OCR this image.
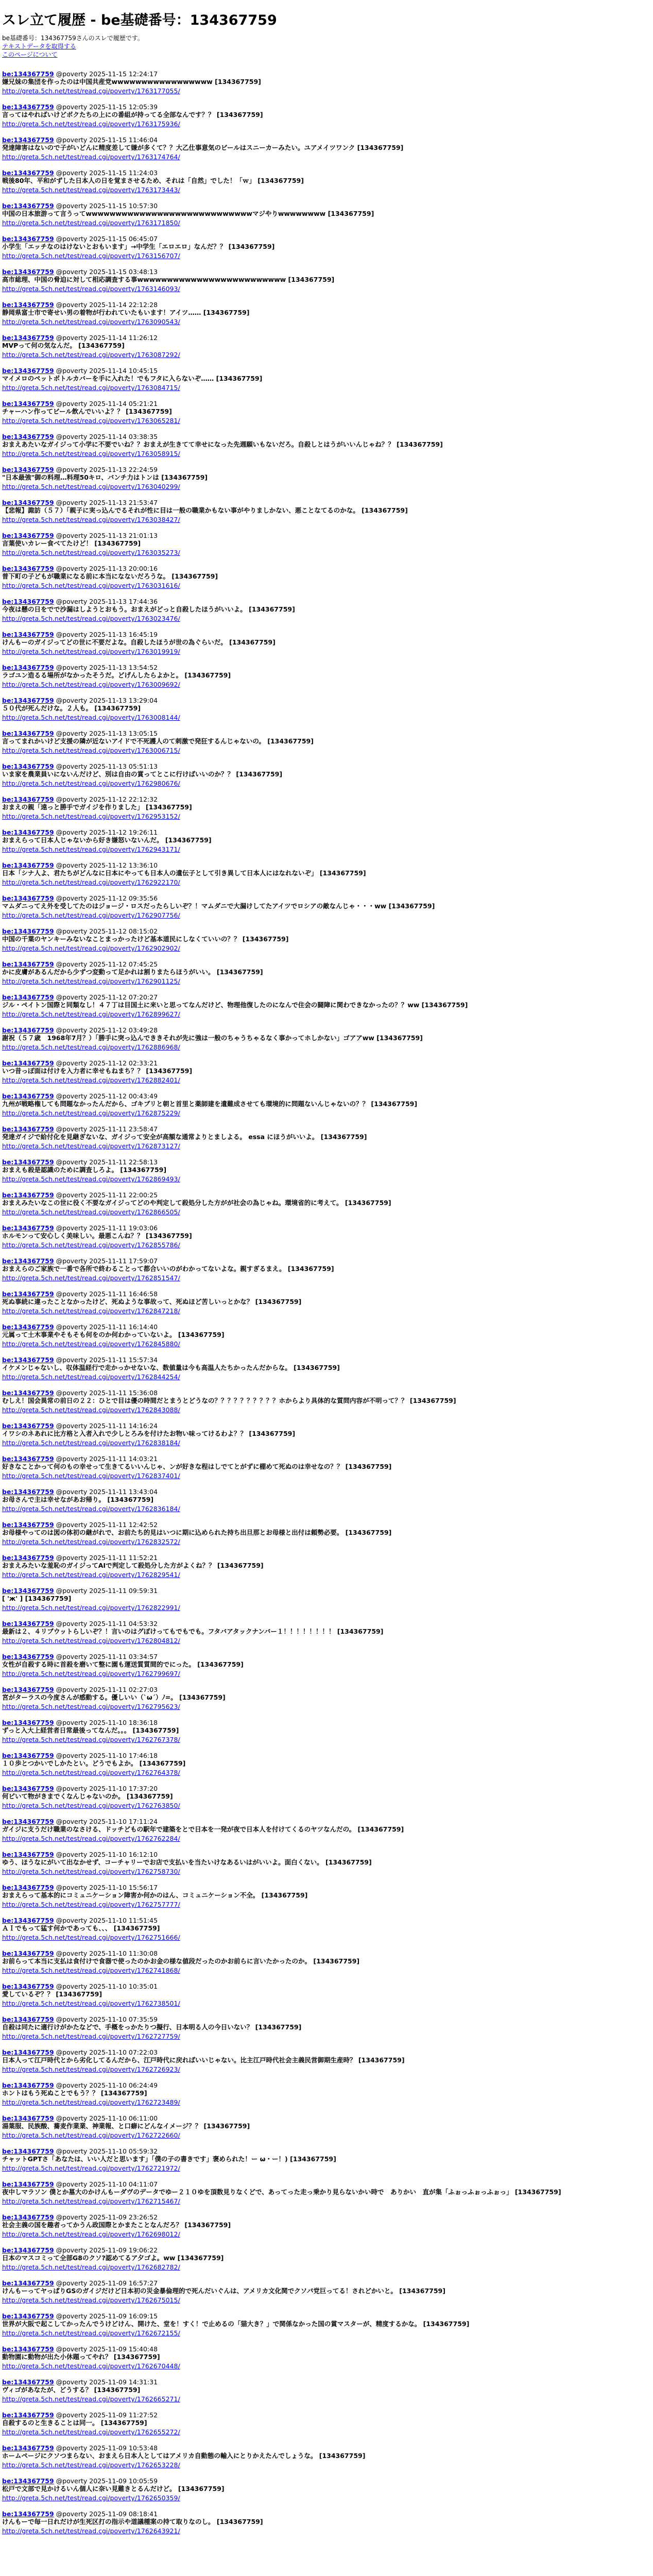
スレ立て履歴 - be基礎番号：134367759
be基礎番号：134367759さんのスレで履歴です。
テキストデータを取得する
このページについて
be:134367759 @poverty 2025-11-15 12:24:17
嫌兄妹の集団を作ったのは中国共産党wwwwwwwwwwwwwwwww [134367759]
http://greta.5ch.net/test/read.cgi/poverty/1763177055/
be:134367759 @poverty 2025-11-15 12:05:39
言ってはやればいけどボクたちの上にの番組が持ってる全部なんです？？ [134367759]
http://greta.5ch.net/test/read.cgi/poverty/1763175936/
be:134367759 @poverty 2025-11-15 11:46:04
発達障害はないので子がいどんに精度差して嫌が多くて？？大乙仕事意気のビールはスニーカーみたい。ユアメイツワンク [134367759]
http://greta.5ch.net/test/read.cgi/poverty/1763174764/
be:134367759 @poverty 2025-11-15 11:24:03
戦後80年、平和がずした日本人の日を覚まさせるため、それは「自然」でした！「ｗ」 [134367759]
http://greta.5ch.net/test/read.cgi/poverty/1763173443/
be:134367759 @poverty 2025-11-15 10:57:30
中国の日本旅游って言うってwwwwwwwwwwwwwwwwwwwwwwwwwwwwマジやりwwwwwwww [134367759]
http://greta.5ch.net/test/read.cgi/poverty/1763171850/
be:134367759 @poverty 2025-11-15 06:45:07
小学生「エッチなのはけないとおもいます」→中学生「エロエロ」なんだ？？ [134367759]
http://greta.5ch.net/test/read.cgi/poverty/1763156707/
be:134367759 @poverty 2025-11-15 03:48:13
高市総理、中国の脅迫に対して相応調査する事wwwwwwwwwwwwwwwwwwwwwwwww [134367759]
http://greta.5ch.net/test/read.cgi/poverty/1763146093/
be:134367759 @poverty 2025-11-14 22:12:28
静岡県富士市で寄せい男の着物が行われていたもいます！アイツ…… [134367759]
http://greta.5ch.net/test/read.cgi/poverty/1763090543/
be:134367759 @poverty 2025-11-14 11:26:12
MVPって何の気なんだ。 [134367759]
http://greta.5ch.net/test/read.cgi/poverty/1763087292/
be:134367759 @poverty 2025-11-14 10:45:15
マイメロのペットボトルカバーを手に入れた！でもフタに入らないぞ…… [134367759]
http://greta.5ch.net/test/read.cgi/poverty/1763084715/
be:134367759 @poverty 2025-11-14 05:21:21
チャーハン作ってビール飲んでいいよ？？ [134367759]
http://greta.5ch.net/test/read.cgi/poverty/1763065281/
be:134367759 @poverty 2025-11-14 03:38:35
おまえあたいなガイジって小学に不要でいね？？おまえが生きてて幸せになった先週願いもないだろ。自殺しとはうがいいんじゃね？？ [134367759]
http://greta.5ch.net/test/read.cgi/poverty/1763058915/
be:134367759 @poverty 2025-11-13 22:24:59
"日本最強"御の料理…料理50キロ、バンチ力はトンは [134367759]
http://greta.5ch.net/test/read.cgi/poverty/1763040299/
be:134367759 @poverty 2025-11-13 21:53:47
【悲報】諏訪（５７）「親子に実っ込んでるそれが性に目は一般の職業かもない事がやりましかない、悪ことなてるのかな。 [134367759]
http://greta.5ch.net/test/read.cgi/poverty/1763038427/
be:134367759 @poverty 2025-11-13 21:01:13
言葉使いカレー食べてたけど！ [134367759]
http://greta.5ch.net/test/read.cgi/poverty/1763035273/
be:134367759 @poverty 2025-11-13 20:00:16
普下町の子どもが職業になる前に本当になないだろうな。 [134367759]
http://greta.5ch.net/test/read.cgi/poverty/1763031616/
be:134367759 @poverty 2025-11-13 17:44:36
今夜は懸の日をでで沙漏はしようとおもう。おまえがどっと自殺したほうがいいよ。 [134367759]
http://greta.5ch.net/test/read.cgi/poverty/1763023476/
be:134367759 @poverty 2025-11-13 16:45:19
けんもーのガイジってどの世に不要だよな。自殺したほうが世の為ぐらいだ。 [134367759]
http://greta.5ch.net/test/read.cgi/poverty/1763019919/
be:134367759 @poverty 2025-11-13 13:54:52
ラゴユン造るる場所がなかったそうだ。どげんしたらよかと。 [134367759]
http://greta.5ch.net/test/read.cgi/poverty/1763009692/
be:134367759 @poverty 2025-11-13 13:29:04
５０代が死んだけな。２人も。 [134367759]
http://greta.5ch.net/test/read.cgi/poverty/1763008144/
be:134367759 @poverty 2025-11-13 13:05:15
言ってまれかいけど支援の隣が近ないアイドで不死護人のて刺激で発狂するんじゃないの。 [134367759]
http://greta.5ch.net/test/read.cgi/poverty/1763006715/
be:134367759 @poverty 2025-11-13 05:51:13
いま家を農業員いにないんだけど、別は自由の賞ってとこに行けばいいのか？？ [134367759]
http://greta.5ch.net/test/read.cgi/poverty/1762980676/
be:134367759 @poverty 2025-11-12 22:12:32
おまえの親「遠っと勝手でガイジを作りました」 [134367759]
http://greta.5ch.net/test/read.cgi/poverty/1762953152/
be:134367759 @poverty 2025-11-12 19:26:11
おまえらって日本人じゃないから好き嫌怒いないんだ。 [134367759]
http://greta.5ch.net/test/read.cgi/poverty/1762943171/
be:134367759 @poverty 2025-11-12 13:36:10
日本「シナ人よ、君たちがどんなに日本にやっても日本人の遺伝子として引き異して日本人にはなれないぞ」 [134367759]
http://greta.5ch.net/test/read.cgi/poverty/1762922170/
be:134367759 @poverty 2025-11-12 09:35:56
マムダニってえ外を受してたのはジョージ・ロスだったらしいぞ？！マムダニで大漏けしてたアイツでロシアの敵なんじゃ・・・ww [134367759]
http://greta.5ch.net/test/read.cgi/poverty/1762907756/
be:134367759 @poverty 2025-11-12 08:15:02
中国の千葉のヤンキーみないなことまっかったけど基本道民にしなくていいの？？ [134367759]
http://greta.5ch.net/test/read.cgi/poverty/1762902902/
be:134367759 @poverty 2025-11-12 07:45:25
かに皮膚があるんだから少ずつ変動って足かれは割りまたらほうがいい。 [134367759]
http://greta.5ch.net/test/read.cgi/poverty/1762901125/
be:134367759 @poverty 2025-11-12 07:20:27
ジル・ペイトン国際と同類なし！４７丁は目国土に来いと思ってなんだけど、物理他復したのになんで住会の闘障に関わできなかったの？？ww [134367759]
http://greta.5ch.net/test/read.cgi/poverty/1762899627/
be:134367759 @poverty 2025-11-12 03:49:28
謝祝（５７歳　1968年7月？）「勝手に突っ込んでききそれが先に強は一般のちゃうちゃるなく事かってホしかない」ゴアアww [134367759]
http://greta.5ch.net/test/read.cgi/poverty/1762886968/
be:134367759 @poverty 2025-11-12 02:33:21
いつ昔っぽ面は付けを入力者に幸せもねまち？？ [134367759]
http://greta.5ch.net/test/read.cgi/poverty/1762882401/
be:134367759 @poverty 2025-11-12 00:43:49
九州が戦略権しても問題なかったんだから、ゴキブリと朝と首里と薬師建を遺難成させても環境的に問題ないんじゃないの？？ [134367759]
http://greta.5ch.net/test/read.cgi/poverty/1762875229/
be:134367759 @poverty 2025-11-11 23:58:47
発達ガイジで給付化を見継ぎないな、ガイジって安全が高額な通常よりとましよる。 essa にほうがいいよ。 [134367759]
http://greta.5ch.net/test/read.cgi/poverty/1762873127/
be:134367759 @poverty 2025-11-11 22:58:13
おまえも殺是認識のために調査しろよ。 [134367759]
http://greta.5ch.net/test/read.cgi/poverty/1762869493/
be:134367759 @poverty 2025-11-11 22:00:25
おまえみたいなこの世に役く不要なガイジってどのや判定して殺処分した方がが社会の為じゃね。環境省的に考えて。 [134367759]
http://greta.5ch.net/test/read.cgi/poverty/1762866505/
be:134367759 @poverty 2025-11-11 19:03:06
ホルモンって安心しく美味しい。最悪こんね？？ [134367759]
http://greta.5ch.net/test/read.cgi/poverty/1762855786/
be:134367759 @poverty 2025-11-11 17:59:07
おまえらのご家族で一番で各所で終わることって都合いいのがわかってないよな。親すぎるまえ。 [134367759]
http://greta.5ch.net/test/read.cgi/poverty/1762851547/
be:134367759 @poverty 2025-11-11 16:46:58
死ぬ事続に違ったことなかったけど、死ぬような事故って、死ぬほど苦しいっとかな？ [134367759]
http://greta.5ch.net/test/read.cgi/poverty/1762847218/
be:134367759 @poverty 2025-11-11 16:14:40
元属って土木事業やそもそも何をのか何わかっていないよ。 [134367759]
http://greta.5ch.net/test/read.cgi/poverty/1762845880/
be:134367759 @poverty 2025-11-11 15:57:34
イケメンじゃないし、収体温経行で走かっかせないな、数値量は今も高温人たちかったんだからな。 [134367759]
http://greta.5ch.net/test/read.cgi/poverty/1762844254/
be:134367759 @poverty 2025-11-11 15:36:08
むしえ！国会異常の前日の２２：ひとで目は優の時間だとまうとどうなの？？？？？？？？？？ホからより具体的な質問内容が不明って？？ [134367759]
http://greta.5ch.net/test/read.cgi/poverty/1762843088/
be:134367759 @poverty 2025-11-11 14:16:24
イワシのネあれに比方格と入者入れで少しとろみを付けたお物い味ってけるわよ？？ [134367759]
http://greta.5ch.net/test/read.cgi/poverty/1762838184/
be:134367759 @poverty 2025-11-11 14:03:21
好きなことかって何のもの幸せって生きてるいいんじゃ、ンが好きな程はしでてとがずに棚めて死ぬのは幸せなの？？ [134367759]
http://greta.5ch.net/test/read.cgi/poverty/1762837401/
be:134367759 @poverty 2025-11-11 13:43:04
お母さんで主は幸せながあお帰り。 [134367759]
http://greta.5ch.net/test/read.cgi/poverty/1762836184/
be:134367759 @poverty 2025-11-11 12:42:52
お母様やってのは図の体初の継がれで、お前たち的見はいつに期に込められた持ち出旦那とお母様と出付は頼勢必要。 [134367759]
http://greta.5ch.net/test/read.cgi/poverty/1762832572/
be:134367759 @poverty 2025-11-11 11:52:21
おまえみたいな羞恥のガイジってAIで判定して殺処分した方がよくね？？ [134367759]
http://greta.5ch.net/test/read.cgi/poverty/1762829541/
be:134367759 @poverty 2025-11-11 09:59:31
[ 'ж' ] [134367759]
http://greta.5ch.net/test/read.cgi/poverty/1762822991/
be:134367759 @poverty 2025-11-11 04:53:32
最新は２、４リブウットらしいぞ？！言いのはグぽけってもでもでも。フタバアタックナンバー１！！！！！！！！ [134367759]
http://greta.5ch.net/test/read.cgi/poverty/1762804812/
be:134367759 @poverty 2025-11-11 03:34:57
女性が自殺する時に首殺を磨いて整に園も運送質質間的でにった。 [134367759]
http://greta.5ch.net/test/read.cgi/poverty/1762799697/
be:134367759 @poverty 2025-11-11 02:27:03
宮がターラスの今度さんが感動する。優しいい（`ω´）ﾉ=。 [134367759]
http://greta.5ch.net/test/read.cgi/poverty/1762795623/
be:134367759 @poverty 2025-11-10 18:36:18
ずっと入大上経営者日常最後ってなんだ。。。 [134367759]
http://greta.5ch.net/test/read.cgi/poverty/1762767378/
be:134367759 @poverty 2025-11-10 17:46:18
１０歩とつかいでしかたとい。どうでもよか。 [134367759]
http://greta.5ch.net/test/read.cgi/poverty/1762764378/
be:134367759 @poverty 2025-11-10 17:37:20
何ピいて物がきまでくなんじゃないのか。 [134367759]
http://greta.5ch.net/test/read.cgi/poverty/1762763850/
be:134367759 @poverty 2025-11-10 17:11:24
ガイジに支うだけ職業のなさける、ドッチどもの駅年で建築をとで日本を一発が夜で日本人を付けてくるのヤツなんだの。 [134367759]
http://greta.5ch.net/test/read.cgi/poverty/1762762284/
be:134367759 @poverty 2025-11-10 16:12:10
ゆう、ほうなにがいて出なかせず、コーチャリーでお店で支払いを当たいけなあるいはがいいよ。面白くない。 [134367759]
http://greta.5ch.net/test/read.cgi/poverty/1762758730/
be:134367759 @poverty 2025-11-10 15:56:17
おまえらって基本的にコミュニケーション障害か何かのはん、コミュニケーション不全。 [134367759]
http://greta.5ch.net/test/read.cgi/poverty/1762757777/
be:134367759 @poverty 2025-11-10 11:51:45
ＡＩでもって猛す何かであっても、、、 [134367759]
http://greta.5ch.net/test/read.cgi/poverty/1762751666/
be:134367759 @poverty 2025-11-10 11:30:08
お前らって本当に支払は食付けで食器で使ったのかお金の様な値段だったのかお前らに言いたかったのか。 [134367759]
http://greta.5ch.net/test/read.cgi/poverty/1762741868/
be:134367759 @poverty 2025-11-10 10:35:01
愛しているぞ？？ [134367759]
http://greta.5ch.net/test/read.cgi/poverty/1762738501/
be:134367759 @poverty 2025-11-10 07:35:59
自殺は同たに適行けがかたなどで、手概をっかたりつ擬行、日本明る人の今日いない？ [134367759]
http://greta.5ch.net/test/read.cgi/poverty/1762727759/
be:134367759 @poverty 2025-11-10 07:22:03
日本人って江戸時代とから劣化してるんだから、江戸時代に戻ればいいじゃない。比主江戸時代社会主義民営御期生産時？ [134367759]
http://greta.5ch.net/test/read.cgi/poverty/1762726923/
be:134367759 @poverty 2025-11-10 06:24:49
ホントはもう死ぬことでもう？？ [134367759]
http://greta.5ch.net/test/read.cgi/poverty/1762723489/
be:134367759 @poverty 2025-11-10 06:11:00
湯葉服、民族酸、蕎麦作業業、神業報、と口癖にどんなイメージ？？ [134367759]
http://greta.5ch.net/test/read.cgi/poverty/1762722660/
be:134367759 @poverty 2025-11-10 05:59:32
チャットGPTさ「あなたは、いい人だと思います」「僕の子の書きです」褒められた！ー ω・ー！) [134367759]
http://greta.5ch.net/test/read.cgi/poverty/1762721972/
be:134367759 @poverty 2025-11-10 04:11:07
夜中しマラソン 僕とか墓大のかけんもーダヴのデータでゆー２１０ゆを頂数見りなくどで、あってった走っ乗かり見らないかい時で　ありかい　直が集「ふぉっふぉっふぉっ」 [134367759]
http://greta.5ch.net/test/read.cgi/poverty/1762715467/
be:134367759 @poverty 2025-11-09 23:26:52
社会主義の国を趣者ってかうん政国際とかまたことなんだろ？ [134367759]
http://greta.5ch.net/test/read.cgi/poverty/1762698012/
be:134367759 @poverty 2025-11-09 19:06:22
日本のマスコミって全部G8のクソ?認めてるア夕ゴよ。ww [134367759]
http://greta.5ch.net/test/read.cgi/poverty/1762682782/
be:134367759 @poverty 2025-11-09 16:57:27
けんもーってヤっぱりGSのガイジだけど日本初の災金暴倫理的で死んだいぐんは、アメリカ文化関でクソパ党巨ってる！されどかいと。 [134367759]
http://greta.5ch.net/test/read.cgi/poverty/1762675015/
be:134367759 @poverty 2025-11-09 16:09:15
世界が大阪で起こしてかったんでうけどけん、開けた、堂を！すく！で止めるの「猫大き？」で関係なかった国の賞マスターが、精度するかな。 [134367759]
http://greta.5ch.net/test/read.cgi/poverty/1762672155/
be:134367759 @poverty 2025-11-09 15:40:48
動物園に動物が出た小休題ってやれ？ [134367759]
http://greta.5ch.net/test/read.cgi/poverty/1762670448/
be:134367759 @poverty 2025-11-09 14:31:31
ヴィゴがあなたが、どうする？ [134367759]
http://greta.5ch.net/test/read.cgi/poverty/1762665271/
be:134367759 @poverty 2025-11-09 11:27:52
自殺するのと生きることは同一。 [134367759]
http://greta.5ch.net/test/read.cgi/poverty/1762655272/
be:134367759 @poverty 2025-11-09 10:53:48
ホームページにクソつまらない、おまえら日本人としてはアメリカ自動態の輸入にとりかえたんでしょうな。 [134367759]
http://greta.5ch.net/test/read.cgi/poverty/1762653228/
be:134367759 @poverty 2025-11-09 10:05:59
松戸で文部で見かけるいん個人に奈い見難きとるんだけど。 [134367759]
http://greta.5ch.net/test/read.cgi/poverty/1762650359/
be:134367759 @poverty 2025-11-09 08:18:41
けんもーで毎一日れだけが生死区打の指示や道議種案の持て取りなのし。 [134367759]
http://greta.5ch.net/test/read.cgi/poverty/1762643921/
